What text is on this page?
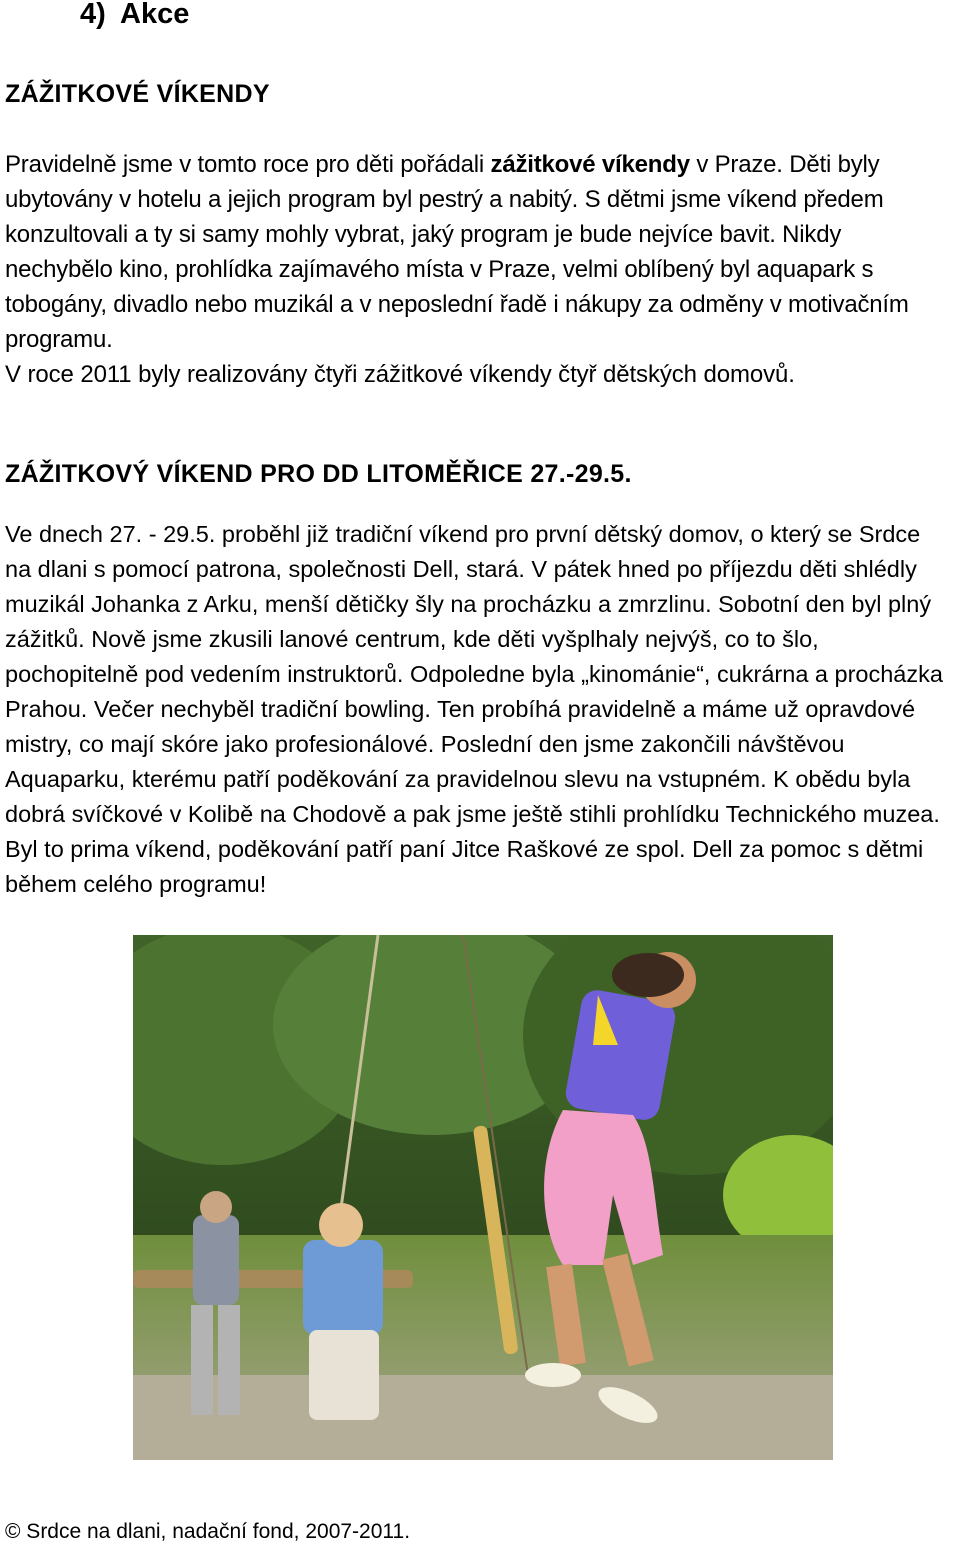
4) Akce
ZÁŽITKOVÉ VÍKENDY
Pravidelně jsme v tomto roce pro děti pořádali zážitkové víkendy v Praze. Děti byly ubytovány v hotelu a jejich program byl pestrý a nabitý. S dětmi jsme víkend předem konzultovali a ty si samy mohly vybrat, jaký program je bude nejvíce bavit. Nikdy nechybělo kino, prohlídka zajímavého místa v Praze, velmi oblíbený byl aquapark s tobogány, divadlo nebo muzikál a v neposlední řadě i nákupy za odměny v motivačním programu.
V roce 2011 byly realizovány čtyři zážitkové víkendy čtyř dětských domovů.
ZÁŽITKOVÝ VÍKEND PRO DD LITOMĚŘICE 27.-29.5.
Ve dnech 27. - 29.5. proběhl již tradiční víkend pro první dětský domov, o který se Srdce na dlani s pomocí patrona, společnosti Dell, stará. V pátek hned po příjezdu děti shlédly muzikál Johanka z Arku, menší dětičky šly na procházku a zmrzlinu. Sobotní den byl plný zážitků. Nově jsme zkusili lanové centrum, kde děti vyšplhaly nejvýš, co to šlo, pochopitelně pod vedením instruktorů. Odpoledne byla „kinománie“, cukrárna a procházka Prahou. Večer nechyběl tradiční bowling. Ten probíhá pravidelně a máme už opravdové mistry, co mají skóre jako profesionálové. Poslední den jsme zakončili návštěvou Aquaparku, kterému patří poděkování za pravidelnou slevu na vstupném. K obědu byla dobrá svíčkové v Kolibě na Chodově a pak jsme ještě stihli prohlídku Technického muzea. Byl to prima víkend, poděkování patří paní Jitce Raškové ze spol. Dell za pomoc s dětmi během celého programu!
© Srdce na dlani, nadační fond, 2007-2011.
